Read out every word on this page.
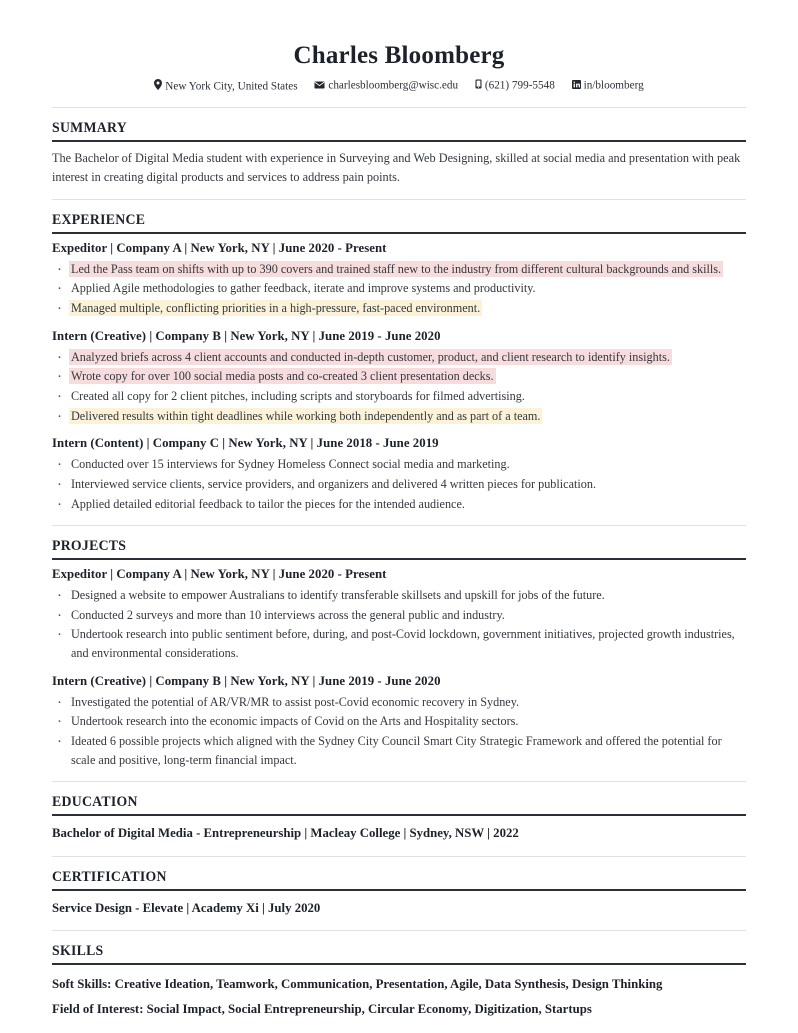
Charles Bloomberg
New York City, United States	charlesbloomberg@wisc.edu (621) 799-5548	in/bloomberg
SUMMARY
The Bachelor of Digital Media student with experience in Surveying and Web Designing, skilled at social media and presentation with peak interest in creating digital products and services to address pain points.
EXPERIENCE
Expeditor | Company A | New York, NY | June 2020 - Present
· Led the Pass team on shifts with up to 390 covers and trained staff new to the industry from different cultural backgrounds and skills.
· Applied Agile methodologies to gather feedback, iterate and improve systems and productivity.
· Managed multiple, conflicting priorities in a high-pressure, fast-paced environment.
Intern (Creative) | Company B | New York, NY | June 2019 - June 2020
· Analyzed briefs across 4 client accounts and conducted in-depth customer, product, and client research to identify insights.
· Wrote copy for over 100 social media posts and co-created 3 client presentation decks.
· Created all copy for 2 client pitches, including scripts and storyboards for filmed advertising.
· Delivered results within tight deadlines while working both independently and as part of a team.
Intern (Content) | Company C | New York, NY | June 2018 - June 2019
· Conducted over 15 interviews for Sydney Homeless Connect social media and marketing.
· Interviewed service clients, service providers, and organizers and delivered 4 written pieces for publication.
· Applied detailed editorial feedback to tailor the pieces for the intended audience.
PROJECTS
Expeditor | Company A | New York, NY | June 2020 - Present
· Designed a website to empower Australians to identify transferable skillsets and upskill for jobs of the future.
· Conducted 2 surveys and more than 10 interviews across the general public and industry.
· Undertook research into public sentiment before, during, and post-Covid lockdown, government initiatives, projected growth industries, and environmental considerations.
Intern (Creative) | Company B | New York, NY | June 2019 - June 2020
· Investigated the potential of AR/VR/MR to assist post-Covid economic recovery in Sydney.
· Undertook research into the economic impacts of Covid on the Arts and Hospitality sectors.
· Ideated 6 possible projects which aligned with the Sydney City Council Smart City Strategic Framework and offered the potential for scale and positive, long-term financial impact.
EDUCATION
Bachelor of Digital Media - Entrepreneurship | Macleay College | Sydney, NSW | 2022
CERTIFICATION
Service Design - Elevate | Academy Xi | July 2020
SKILLS
Soft Skills: Creative Ideation, Teamwork, Communication, Presentation, Agile, Data Synthesis, Design Thinking
Field of Interest: Social Impact, Social Entrepreneurship, Circular Economy, Digitization, Startups
